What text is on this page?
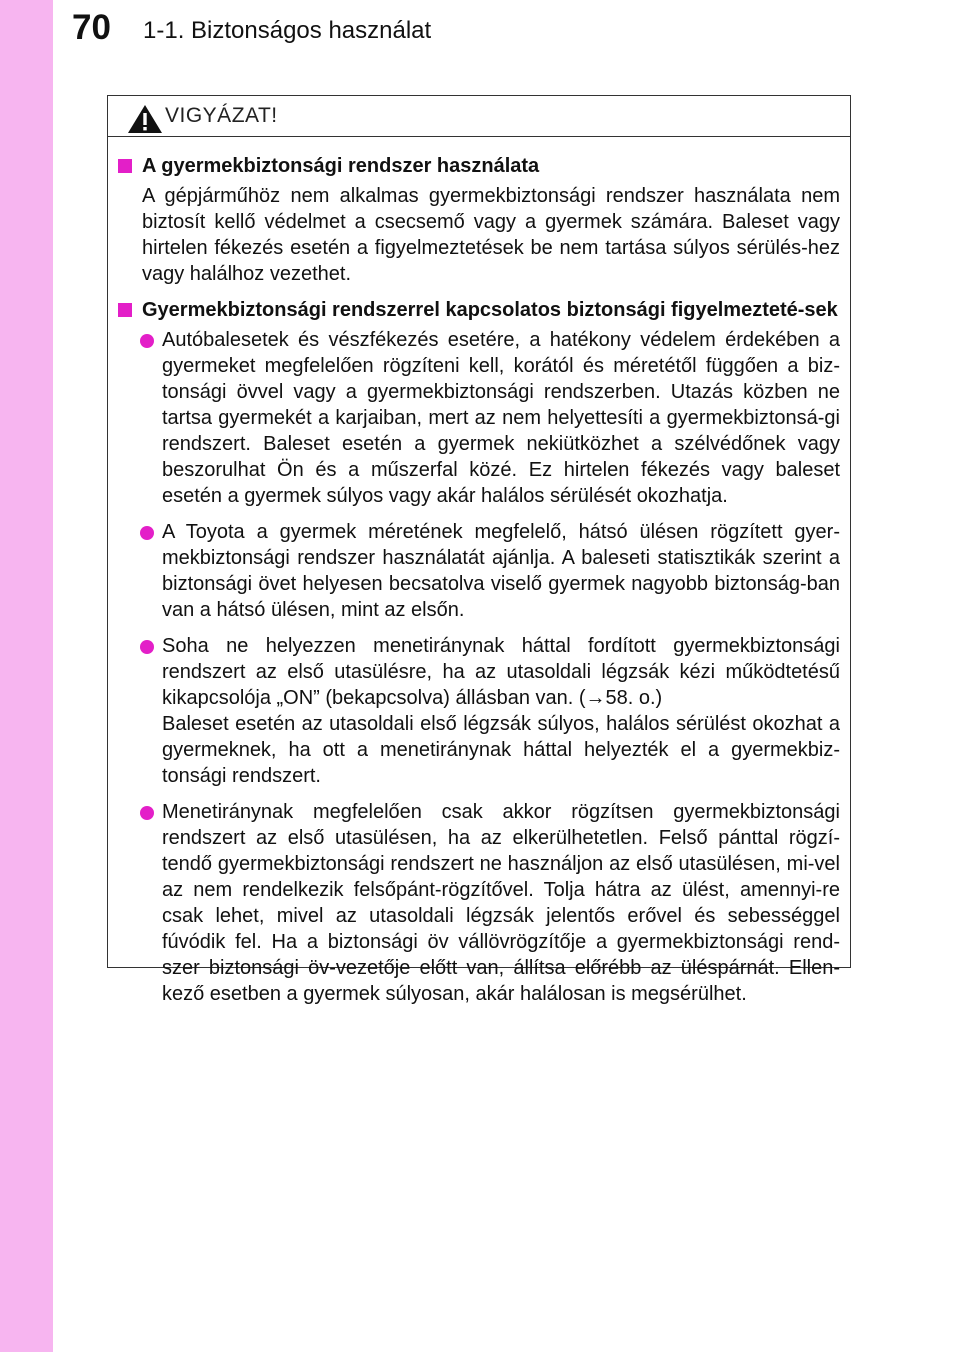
70 1-1. Biztonságos használat
VIGYÁZAT!
A gyermekbiztonsági rendszer használata
A gépjárműhöz nem alkalmas gyermekbiztonsági rendszer használata nem biztosít kellő védelmet a csecsemő vagy a gyermek számára. Baleset vagy hirtelen fékezés esetén a figyelmeztetések be nem tartása súlyos sérülés-hez vagy halálhoz vezethet.
Gyermekbiztonsági rendszerrel kapcsolatos biztonsági figyelmezteté-sek
Autóbalesetek és vészfékezés esetére, a hatékony védelem érdekében a gyermeket megfelelően rögzíteni kell, korától és méretétől függően a biz-tonsági övvel vagy a gyermekbiztonsági rendszerben. Utazás közben ne tartsa gyermekét a karjaiban, mert az nem helyettesíti a gyermekbiztonsá-gi rendszert. Baleset esetén a gyermek nekiütközhet a szélvédőnek vagy beszorulhat Ön és a műszerfal közé. Ez hirtelen fékezés vagy baleset esetén a gyermek súlyos vagy akár halálos sérülését okozhatja.
A Toyota a gyermek méretének megfelelő, hátsó ülésen rögzített gyer-mekbiztonsági rendszer használatát ajánlja. A baleseti statisztikák szerint a biztonsági övet helyesen becsatolva viselő gyermek nagyobb biztonság-ban van a hátsó ülésen, mint az elsőn.
Soha ne helyezzen menetiránynak háttal fordított gyermekbiztonsági rendszert az első utasülésre, ha az utasoldali légzsák kézi működtetésű kikapcsolója „ON” (bekapcsolva) állásban van. (→58. o.)
Baleset esetén az utasoldali első légzsák súlyos, halálos sérülést okozhat a gyermeknek, ha ott a menetiránynak háttal helyezték el a gyermekbiz-tonsági rendszert.
Menetiránynak megfelelően csak akkor rögzítsen gyermekbiztonsági rendszert az első utasülésen, ha az elkerülhetetlen. Felső pánttal rögzí-tendő gyermekbiztonsági rendszert ne használjon az első utasülésen, mi-vel az nem rendelkezik felsőpánt-rögzítővel. Tolja hátra az ülést, amennyi-re csak lehet, mivel az utasoldali légzsák jelentős erővel és sebességgel fúvódik fel. Ha a biztonsági öv vállövrögzítője a gyermekbiztonsági rend-szer biztonsági öv-vezetője előtt van, állítsa előrébb az üléspárnát. Ellen-kező esetben a gyermek súlyosan, akár halálosan is megsérülhet.
